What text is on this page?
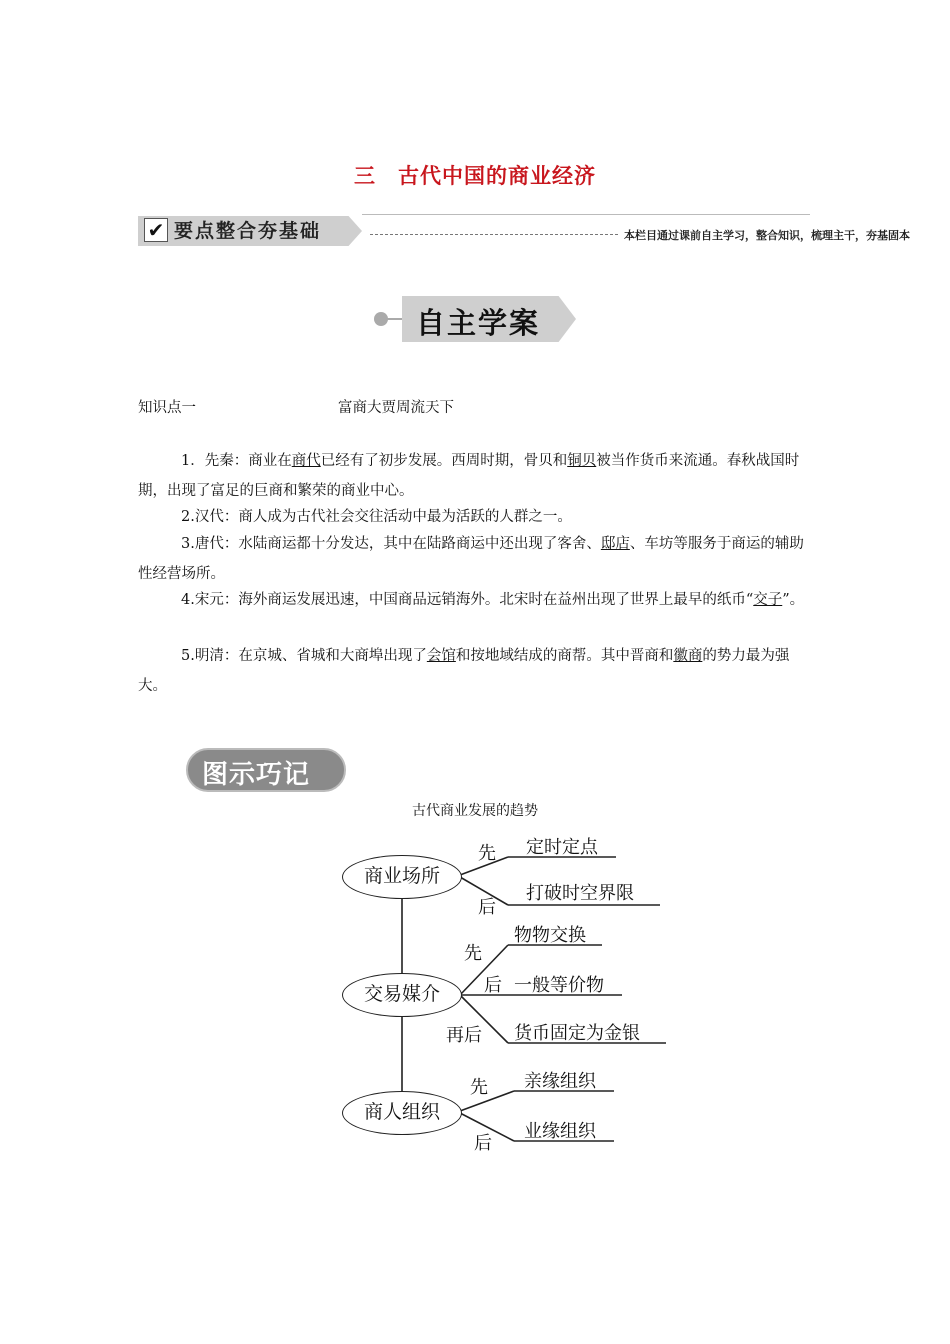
三 古代中国的商业经济
✔ 要点整合夯基础	本栏目通过课前自主学习，整合知识，梳理主干，夯基固本
自主学案
知识点一	富商大贾周流天下
1．先秦：商业在商代已经有了初步发展。西周时期，骨贝和铜贝被当作货币来流通。春秋战国时期，出现了富足的巨商和繁荣的商业中心。
2.汉代：商人成为古代社会交往活动中最为活跃的人群之一。
3.唐代：水陆商运都十分发达，其中在陆路商运中还出现了客舍、邸店、车坊等服务于商运的辅助性经营场所。
4.宋元：海外商运发展迅速，中国商品远销海外。北宋时在益州出现了世界上最早的纸币“交子”。
5.明清：在京城、省城和大商埠出现了会馆和按地域结成的商帮。其中晋商和徽商的势力最为强大。
图示巧记
古代商业发展的趋势
商业场所
交易媒介
商人组织
先 定时定点
后
打破时空界限
先
物物交换
后 一般等价物
再后 货币固定为金银
先 亲缘组织
后
业缘组织
